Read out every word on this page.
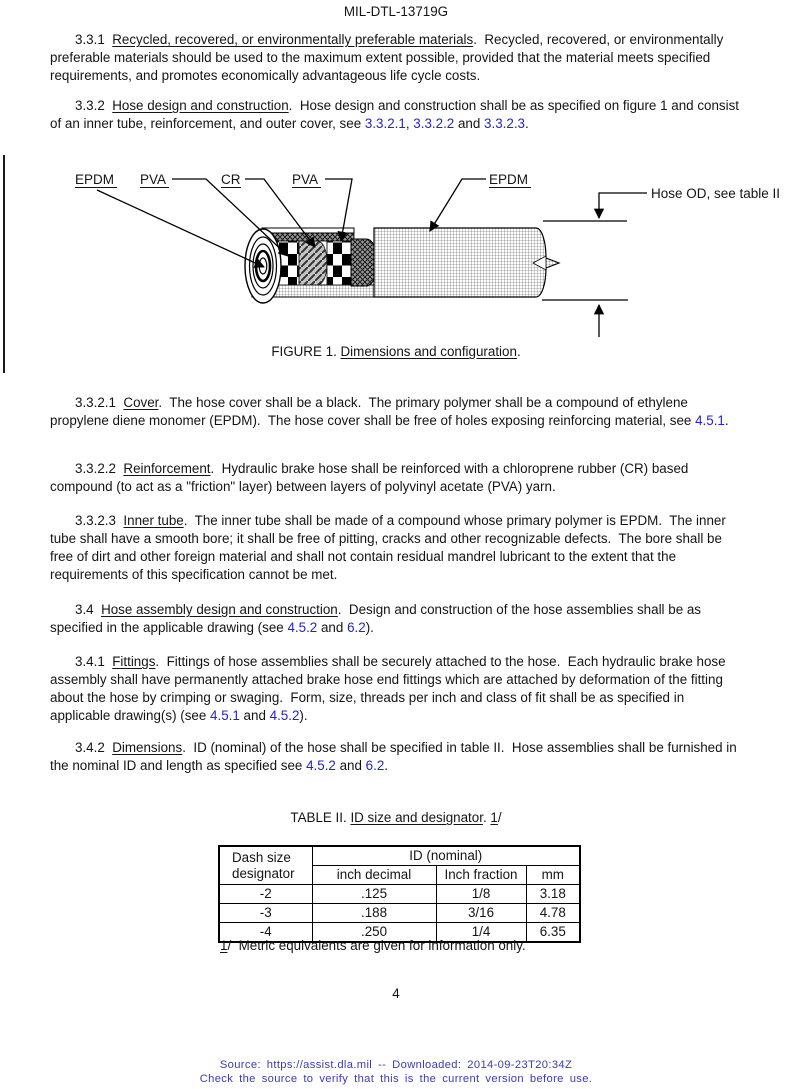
MIL-DTL-13719G
3.3.1  Recycled, recovered, or environmentally preferable materials.  Recycled, recovered, or environmentally preferable materials should be used to the maximum extent possible, provided that the material meets specified requirements, and promotes economically advantageous life cycle costs.
3.3.2  Hose design and construction.  Hose design and construction shall be as specified on figure 1 and consist of an inner tube, reinforcement, and outer cover, see 3.3.2.1, 3.3.2.2 and 3.3.2.3.
3.3.2.1  Cover.  The hose cover shall be a black.  The primary polymer shall be a compound of ethylene propylene diene monomer (EPDM).  The hose cover shall be free of holes exposing reinforcing material, see 4.5.1.
3.3.2.2  Reinforcement.  Hydraulic brake hose shall be reinforced with a chloroprene rubber (CR) based compound (to act as a "friction" layer) between layers of polyvinyl acetate (PVA) yarn.
3.3.2.3  Inner tube.  The inner tube shall be made of a compound whose primary polymer is EPDM.  The inner tube shall have a smooth bore; it shall be free of pitting, cracks and other recognizable defects.  The bore shall be free of dirt and other foreign material and shall not contain residual mandrel lubricant to the extent that the requirements of this specification cannot be met.
3.4  Hose assembly design and construction.  Design and construction of the hose assemblies shall be as specified in the applicable drawing (see 4.5.2 and 6.2).
3.4.1  Fittings.  Fittings of hose assemblies shall be securely attached to the hose.  Each hydraulic brake hose assembly shall have permanently attached brake hose end fittings which are attached by deformation of the fitting about the hose by crimping or swaging.  Form, size, threads per inch and class of fit shall be as specified in applicable drawing(s) (see 4.5.1 and 4.5.2).
3.4.2  Dimensions.  ID (nominal) of the hose shall be specified in table II.  Hose assemblies shall be furnished in the nominal ID and length as specified see 4.5.2 and 6.2.
EPDM PVA	CR	PVA	EPDM
Hose OD, see table II
FIGURE 1. Dimensions and configuration.
TABLE II. ID size and designator. 1/
Dash size
designator	ID (nominal)		
	inch decimal	Inch fraction	mm
-2	.125	1/8	3.18
-3	.188	3/16	4.78
-4	.250	1/4	6.35
1/  Metric equivalents are given for information only.
4
Source: https://assist.dla.mil -- Downloaded: 2014-09-23T20:34Z
Check the source to verify that this is the current version before use.
